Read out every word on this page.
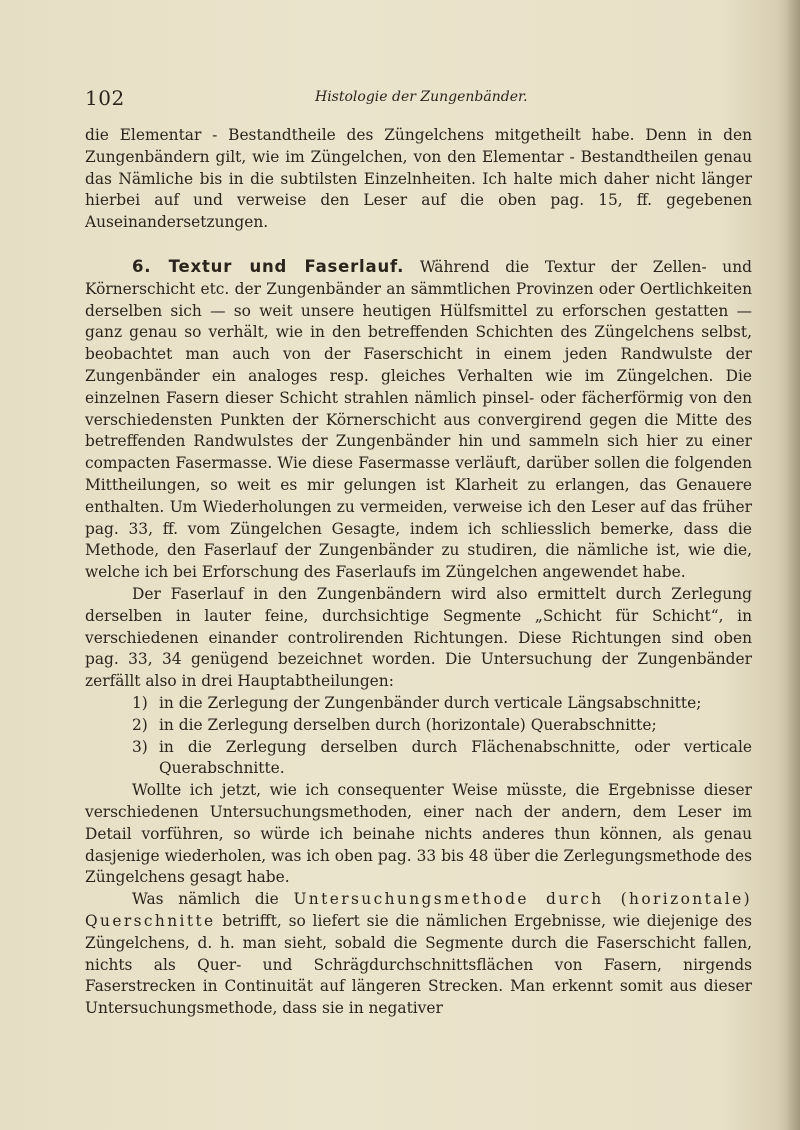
102	Histologie der Zungenbänder.

die Elementar - Bestandtheile des Züngelchens mitgetheilt habe. Denn in den Zungenbändern gilt, wie im Züngelchen, von den Elementar - Bestandtheilen genau das Nämliche bis in die subtilsten Einzelnheiten. Ich halte mich daher nicht länger hierbei auf und verweise den Leser auf die oben pag. 15, ff. gegebenen Auseinandersetzungen.

6. Textur und Faserlauf. Während die Textur der Zellen- und Körnerschicht etc. der Zungenbänder an sämmtlichen Provinzen oder Oertlichkeiten derselben sich — so weit unsere heutigen Hülfsmittel zu erforschen gestatten — ganz genau so verhält, wie in den betreffenden Schichten des Züngelchens selbst, beobachtet man auch von der Faserschicht in einem jeden Randwulste der Zungenbänder ein analoges resp. gleiches Verhalten wie im Züngelchen. Die einzelnen Fasern dieser Schicht strahlen nämlich pinsel- oder fächerförmig von den verschiedensten Punkten der Körnerschicht aus convergirend gegen die Mitte des betreffenden Randwulstes der Zungenbänder hin und sammeln sich hier zu einer compacten Fasermasse. Wie diese Fasermasse verläuft, darüber sollen die folgenden Mittheilungen, so weit es mir gelungen ist Klarheit zu erlangen, das Genauere enthalten. Um Wiederholungen zu vermeiden, verweise ich den Leser auf das früher pag. 33, ff. vom Züngelchen Gesagte, indem ich schliesslich bemerke, dass die Methode, den Faserlauf der Zungenbänder zu studiren, die nämliche ist, wie die, welche ich bei Erforschung des Faserlaufs im Züngelchen angewendet habe.

Der Faserlauf in den Zungenbändern wird also ermittelt durch Zerlegung derselben in lauter feine, durchsichtige Segmente „Schicht für Schicht“, in verschiedenen einander controlirenden Richtungen. Diese Richtungen sind oben pag. 33, 34 genügend bezeichnet worden. Die Untersuchung der Zungenbänder zerfällt also in drei Hauptabtheilungen:

1) in die Zerlegung der Zungenbänder durch verticale Längsabschnitte;
2) in die Zerlegung derselben durch (horizontale) Querabschnitte;
3) in die Zerlegung derselben durch Flächenabschnitte, oder verticale Querabschnitte.

Wollte ich jetzt, wie ich consequenter Weise müsste, die Ergebnisse dieser verschiedenen Untersuchungsmethoden, einer nach der andern, dem Leser im Detail vorführen, so würde ich beinahe nichts anderes thun können, als genau dasjenige wiederholen, was ich oben pag. 33 bis 48 über die Zerlegungsmethode des Züngelchens gesagt habe.

Was nämlich die Untersuchungsmethode durch (horizontale) Querschnitte betrifft, so liefert sie die nämlichen Ergebnisse, wie diejenige des Züngelchens, d. h. man sieht, sobald die Segmente durch die Faserschicht fallen, nichts als Quer- und Schrägdurchschnittsflächen von Fasern, nirgends Faserstrecken in Continuität auf längeren Strecken. Man erkennt somit aus dieser Untersuchungsmethode, dass sie in negativer
